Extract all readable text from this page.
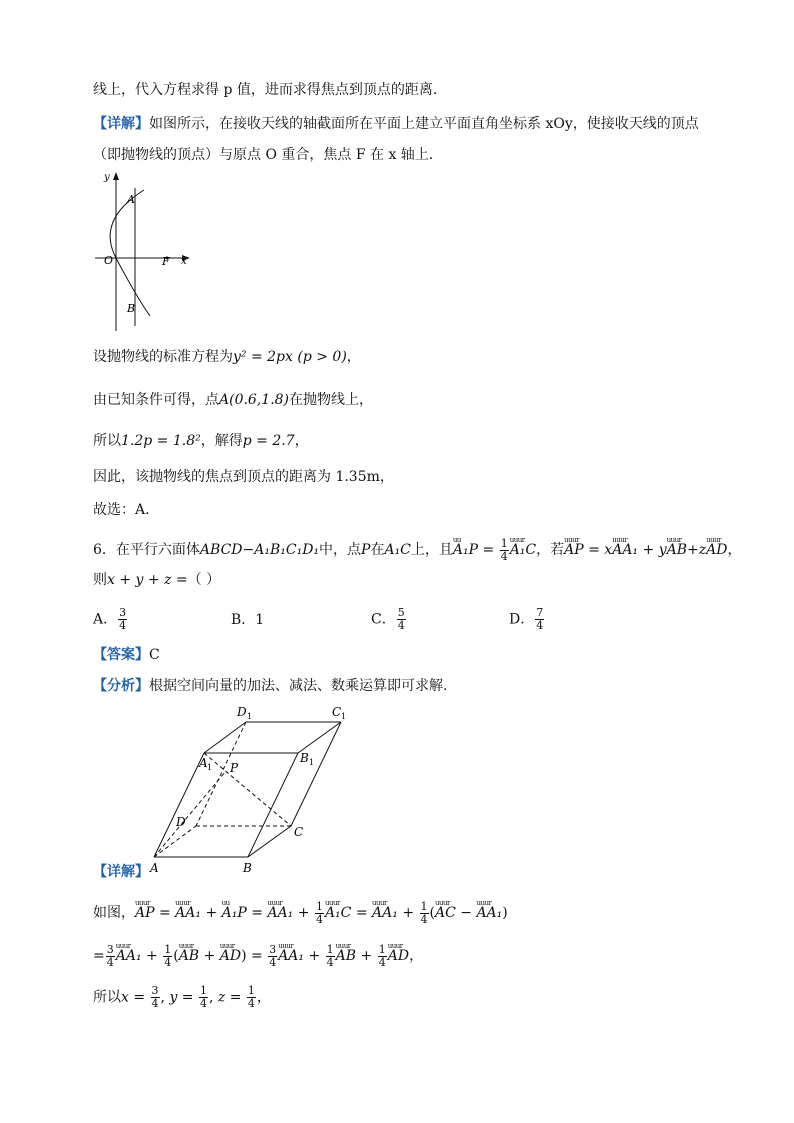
线上，代入方程求得 p 值，进而求得焦点到顶点的距离.
【详解】如图所示，在接收天线的轴截面所在平面上建立平面直角坐标系 xOy，使接收天线的顶点
（即抛物线的顶点）与原点 O 重合，焦点 F 在 x 轴上．
y
x
O	F
A
B
设抛物线的标准方程为y² = 2px (p > 0)，
由已知条件可得，点A(0.6,1.8)在抛物线上，
所以1.2p = 1.8²，解得p = 2.7，
因此，该抛物线的焦点到顶点的距离为 1.35m，
故选：A.
6．在平行六面体ABCD−A₁B₁C₁D₁中，点P在A₁C上，且uu $A_1P = \frac{1}{4}$ uuur A₁C，若uuur AP = xuuur AA₁ + yuuur AB+zuuur AD，
则x + y + z =（ ）
A． $\frac{3}{4}$	B．1	C． $\frac{5}{4}$	D． $\frac{7}{4}$
【答案】C
【分析】根据空间向量的加法、减法、数乘运算即可求解.
D 1	C 1
A 1
B 1
P
D
C
A	B
【详解】
如图，uuur AP = uuur AA₁ + uu A₁P = uuur $AA_1 + \frac{1}{4}$ uuur A₁C = uuur $AA_1 + \frac{1}{4}$ (uuur AC − uuur AA₁)
= $\frac{3}{4}$ uuur $AA_1 + \frac{1}{4}$ (uuur AB + uuur $AD) = \frac{3}{4}$ uuur $AA_1 + \frac{1}{4}$ uuur AB + $\frac{1}{4}$ uuur AD，
所以$x = \frac{3}{4}$ , $y = \frac{1}{4}$ , $z = \frac{1}{4}$ ，
